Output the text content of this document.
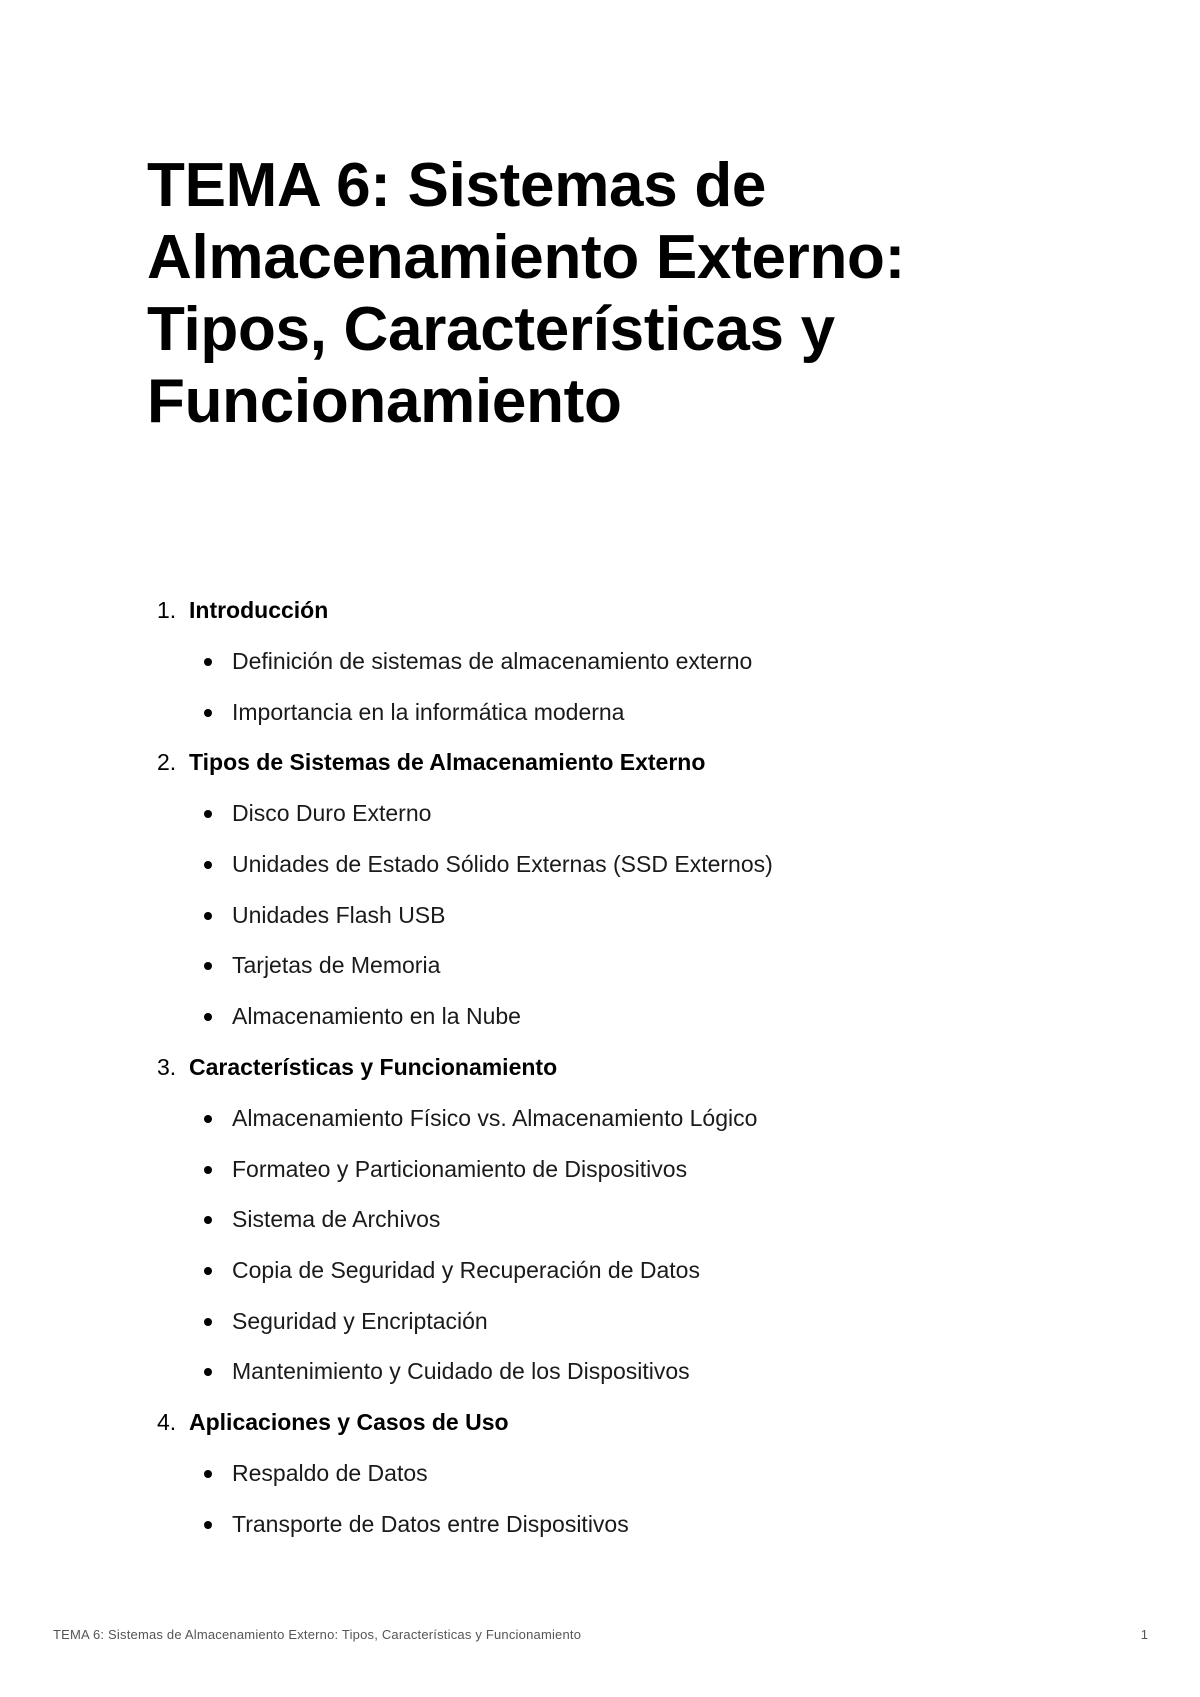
TEMA 6: Sistemas de Almacenamiento Externo: Tipos, Características y Funcionamiento
1. Introducción
Definición de sistemas de almacenamiento externo
Importancia en la informática moderna
2. Tipos de Sistemas de Almacenamiento Externo
Disco Duro Externo
Unidades de Estado Sólido Externas (SSD Externos)
Unidades Flash USB
Tarjetas de Memoria
Almacenamiento en la Nube
3. Características y Funcionamiento
Almacenamiento Físico vs. Almacenamiento Lógico
Formateo y Particionamiento de Dispositivos
Sistema de Archivos
Copia de Seguridad y Recuperación de Datos
Seguridad y Encriptación
Mantenimiento y Cuidado de los Dispositivos
4. Aplicaciones y Casos de Uso
Respaldo de Datos
Transporte de Datos entre Dispositivos
TEMA 6: Sistemas de Almacenamiento Externo: Tipos, Características y Funcionamiento	1
